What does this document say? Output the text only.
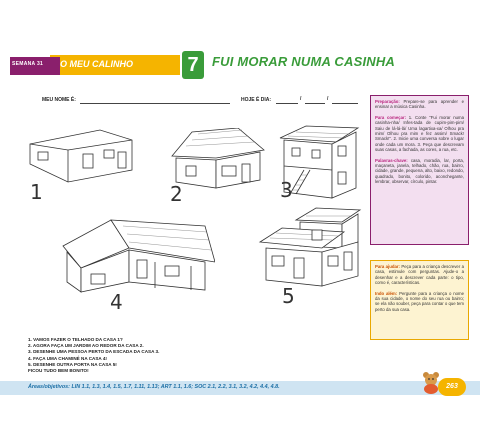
SEMANA 31 O MEU CALINHO	7	FUI MORAR NUMA CASINHA
MEU NOME É:	HOJE É DIA:	/	/
1	2	3
4	5
1. VAMOS FAZER O TELHADO DA CASA 1?
2. AGORA FAÇA UM JARDIM AO REDOR DA CASA 2.
3. DESENHE UMA PESSOA PERTO DA ESCADA DA CASA 3.
4. FAÇA UMA CHAMINÉ NA CASA 4!
5. DESENHE OUTRA PORTA NA CASA 5!
FICOU TUDO BEM BONITO!

Preparação: Prepare-se para aprender e ensinar a música Casinha.

Para começar: 1. Conte "Fui morar numa casinha-nha/ Infes-tada de cupim-pim-pim/ Saiu de lá-lá-lá/ Uma lagartixa-xa/ Olhou pra mim/ Olhou pra mim e fez assim/ Smack! Smack!". 2. Inicie uma conversa sobre o lugar onde cada um mora. 3. Peça que descrevam suas casas, a fachada, as cores, a rua, etc.

Palavras-chave: casa, moradia, lar, porta, maçaneta, janela, telhado, chão, rua, bairro, cidade, grande, pequena, alto, baixo, redondo, quadrado, bonito, colorido, aconchegante, lembrar, observar, círculo, pintar.

Para ajudar: Peça para a criança descrever a casa, estimule com perguntas. Ajude-o a desenhar e a descrever cada parte: o tipo, como é, características.

Indo além: Pergunte para a criança o nome da sua cidade, o nome do seu rua ou bairro; se ela não souber, peça para contar o que tem perto da sua casa.

Áreas/objetivos: LIN 1.1, 1.3, 1.4, 1.5, 1.7, 1.11, 1.13; ART 1.1, 1.6; SOC 2.1, 2.2, 3.1, 3.2, 4.2, 4.4, 4.8.	263
